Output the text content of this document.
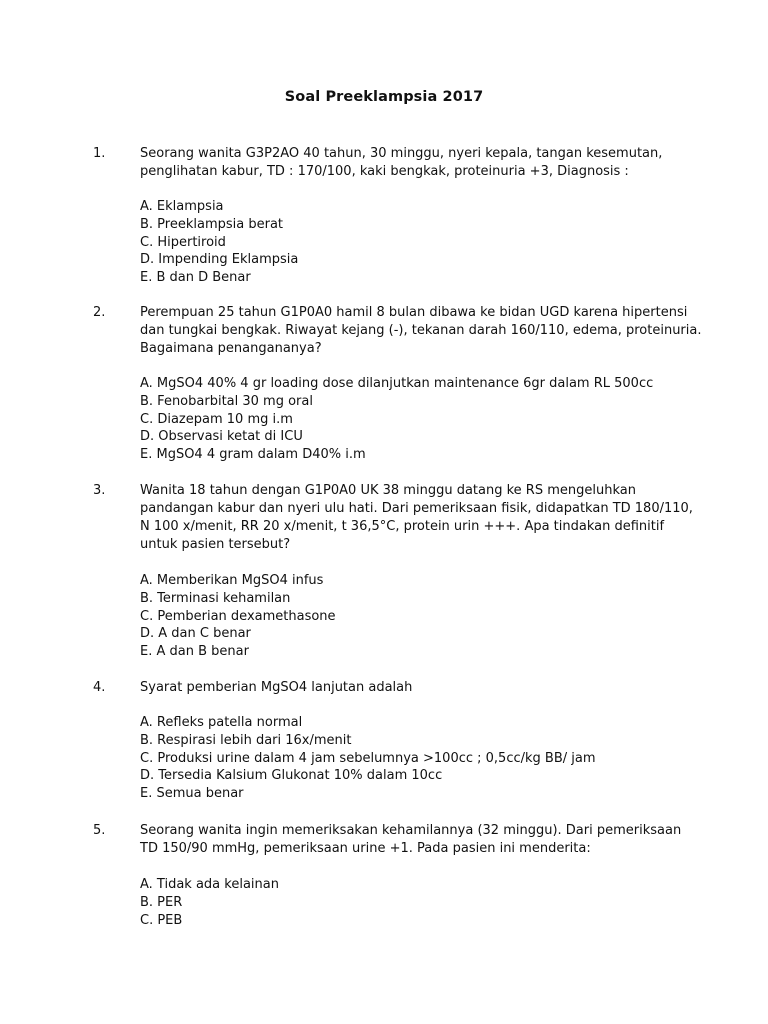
Soal Preeklampsia 2017
1.	Seorang wanita G3P2AO 40 tahun, 30 minggu, nyeri kepala, tangan kesemutan,
penglihatan kabur, TD : 170/100, kaki bengkak, proteinuria +3, Diagnosis :
A. Eklampsia
B. Preeklampsia berat
C. Hipertiroid
D. Impending Eklampsia
E. B dan D Benar
2.	Perempuan 25 tahun G1P0A0 hamil 8 bulan dibawa ke bidan UGD karena hipertensi
dan tungkai bengkak. Riwayat kejang (-), tekanan darah 160/110, edema, proteinuria.
Bagaimana penangananya?
A. MgSO4 40% 4 gr loading dose dilanjutkan maintenance 6gr dalam RL 500cc
B. Fenobarbital 30 mg oral
C. Diazepam 10 mg i.m
D. Observasi ketat di ICU
E. MgSO4 4 gram dalam D40% i.m
3.	Wanita 18 tahun dengan G1P0A0 UK 38 minggu datang ke RS mengeluhkan
pandangan kabur dan nyeri ulu hati. Dari pemeriksaan fisik, didapatkan TD 180/110,
N 100 x/menit, RR 20 x/menit, t 36,5°C, protein urin +++. Apa tindakan definitif
untuk pasien tersebut?
A. Memberikan MgSO4 infus
B. Terminasi kehamilan
C. Pemberian dexamethasone
D. A dan C benar
E. A dan B benar
4.	Syarat pemberian MgSO4 lanjutan adalah
A. Refleks patella normal
B. Respirasi lebih dari 16x/menit
C. Produksi urine dalam 4 jam sebelumnya >100cc ; 0,5cc/kg BB/ jam
D. Tersedia Kalsium Glukonat 10% dalam 10cc
E. Semua benar
5.	Seorang wanita ingin memeriksakan kehamilannya (32 minggu). Dari pemeriksaan
TD 150/90 mmHg, pemeriksaan urine +1. Pada pasien ini menderita:
A. Tidak ada kelainan
B. PER
C. PEB
